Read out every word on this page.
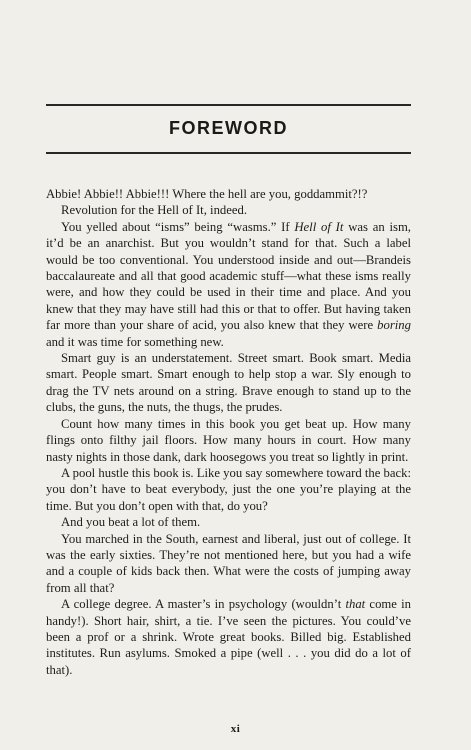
FOREWORD

Abbie! Abbie!! Abbie!!! Where the hell are you, goddammit?!?

Revolution for the Hell of It, indeed.

You yelled about “isms” being “wasms.” If Hell of It was an ism, it’d be an anarchist. But you wouldn’t stand for that. Such a label would be too conventional. You understood inside and out—Brandeis baccalaureate and all that good academic stuff—what these isms really were, and how they could be used in their time and place. And you knew that they may have still had this or that to offer. But having taken far more than your share of acid, you also knew that they were boring and it was time for something new.

Smart guy is an understatement. Street smart. Book smart. Media smart. People smart. Smart enough to help stop a war. Sly enough to drag the TV nets around on a string. Brave enough to stand up to the clubs, the guns, the nuts, the thugs, the prudes.

Count how many times in this book you get beat up. How many flings onto filthy jail floors. How many hours in court. How many nasty nights in those dank, dark hoosegows you treat so lightly in print.

A pool hustle this book is. Like you say somewhere toward the back: you don’t have to beat everybody, just the one you’re playing at the time. But you don’t open with that, do you?

And you beat a lot of them.

You marched in the South, earnest and liberal, just out of college. It was the early sixties. They’re not mentioned here, but you had a wife and a couple of kids back then. What were the costs of jumping away from all that?

A college degree. A master’s in psychology (wouldn’t that come in handy!). Short hair, shirt, a tie. I’ve seen the pictures. You could’ve been a prof or a shrink. Wrote great books. Billed big. Established institutes. Run asylums. Smoked a pipe (well . . . you did do a lot of that).

xi
